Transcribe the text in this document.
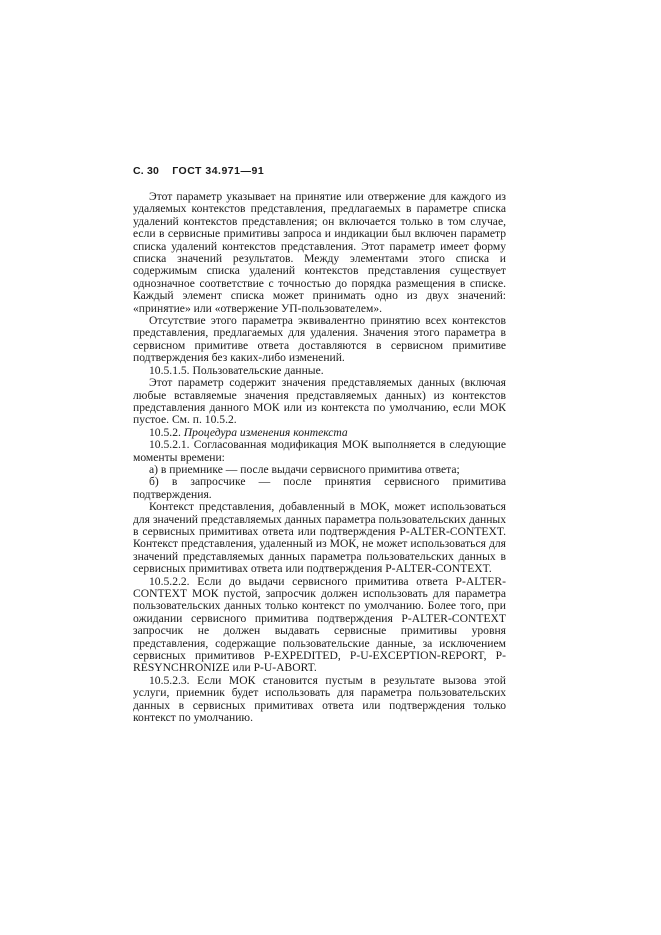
С. 30 ГОСТ 34.971—91

Этот параметр указывает на принятие или отвержение для каждого из удаляемых контекстов представления, предлагаемых в параметре списка удалений контекстов представления; он включается только в том случае, если в сервисные примитивы запроса и индикации был включен параметр списка удалений контекстов представления. Этот параметр имеет форму списка значений результатов. Между элементами этого списка и содержимым списка удалений контекстов представления существует однозначное соответствие с точностью до порядка размещения в списке. Каждый элемент списка может принимать одно из двух значений: «принятие» или «отвержение УП-пользователем».

Отсутствие этого параметра эквивалентно принятию всех контекстов представления, предлагаемых для удаления. Значения этого параметра в сервисном примитиве ответа доставляются в сервисном примитиве подтверждения без каких-либо изменений.

10.5.1.5. Пользовательские данные.

Этот параметр содержит значения представляемых данных (включая любые вставляемые значения представляемых данных) из контекстов представления данного МОК или из контекста по умолчанию, если МОК пустое. См. п. 10.5.2.

10.5.2. Процедура изменения контекста

10.5.2.1. Согласованная модификация МОК выполняется в следующие моменты времени:

а) в приемнике — после выдачи сервисного примитива ответа;

б) в запросчике — после принятия сервисного примитива подтверждения.

Контекст представления, добавленный в МОК, может использоваться для значений представляемых данных параметра пользовательских данных в сервисных примитивах ответа или подтверждения P-ALTER-CONTEXT. Контекст представления, удаленный из МОК, не может использоваться для значений представляемых данных параметра пользовательских данных в сервисных примитивах ответа или подтверждения P-ALTER-CONTEXT.

10.5.2.2. Если до выдачи сервисного примитива ответа P-ALTER-CONTEXT МОК пустой, запросчик должен использовать для параметра пользовательских данных только контекст по умолчанию. Более того, при ожидании сервисного примитива подтверждения P-ALTER-CONTEXT запросчик не должен выдавать сервисные примитивы уровня представления, содержащие пользовательские данные, за исключением сервисных примитивов P-EXPEDITED, P-U-EXCEPTION-REPORT, P-RESYNCHRONIZE или P-U-ABORT.

10.5.2.3. Если МОК становится пустым в результате вызова этой услуги, приемник будет использовать для параметра пользовательских данных в сервисных примитивах ответа или подтверждения только контекст по умолчанию.
